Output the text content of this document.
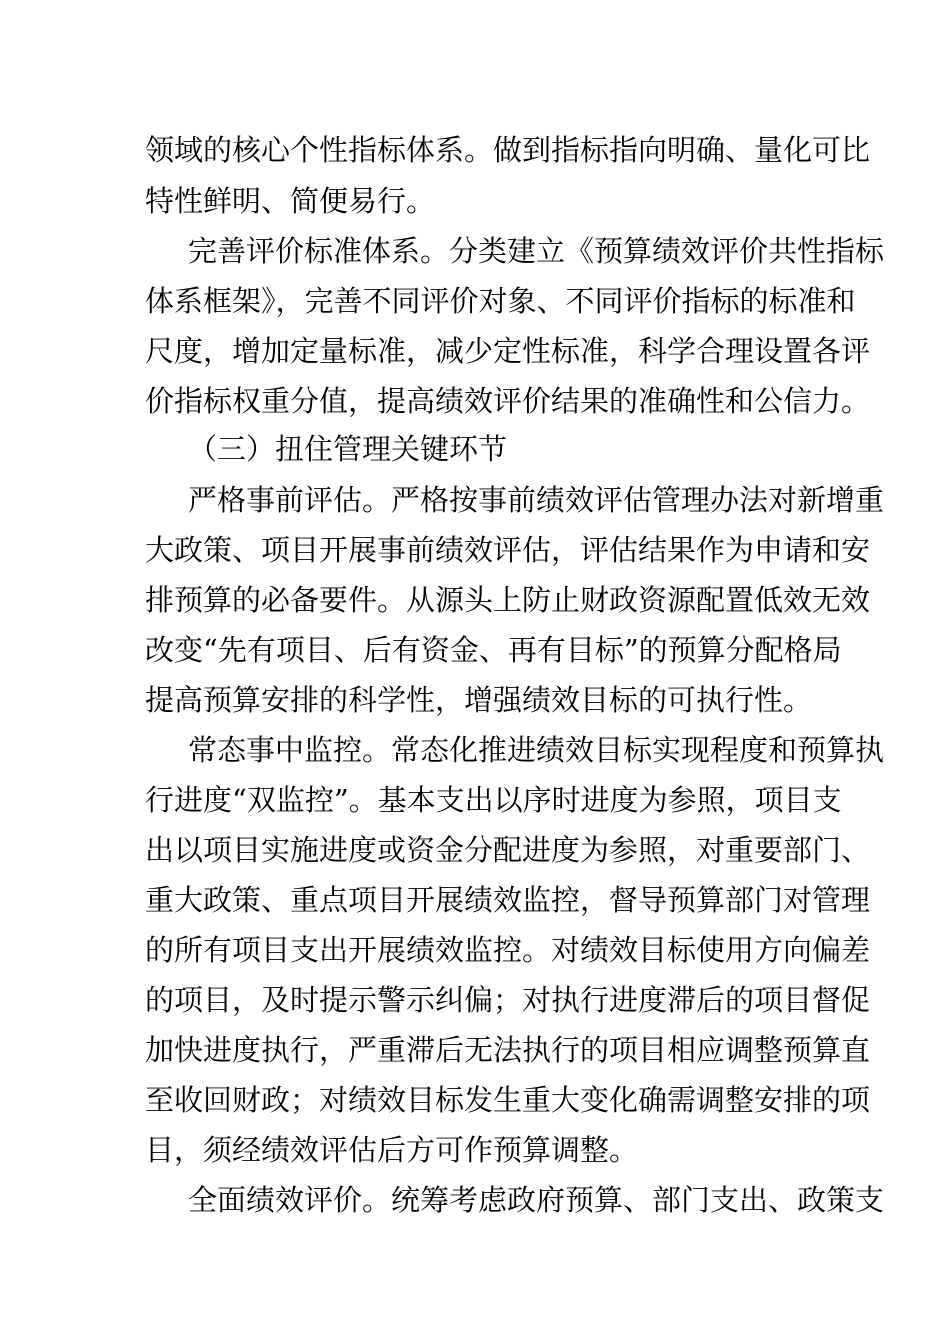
领域的核心个性指标体系。做到指标指向明确、量化可比
特性鲜明、简便易行。
完善评价标准体系。分类建立《预算绩效评价共性指标
体系框架》，完善不同评价对象、不同评价指标的标准和
尺度，增加定量标准，减少定性标准，科学合理设置各评
价指标权重分值，提高绩效评价结果的准确性和公信力。
（三）扭住管理关键环节
严格事前评估。严格按事前绩效评估管理办法对新增重
大政策、项目开展事前绩效评估，评估结果作为申请和安
排预算的必备要件。从源头上防止财政资源配置低效无效
改变“先有项目、后有资金、再有目标”的预算分配格局
提高预算安排的科学性，增强绩效目标的可执行性。
常态事中监控。常态化推进绩效目标实现程度和预算执
行进度“双监控”。基本支出以序时进度为参照，项目支
出以项目实施进度或资金分配进度为参照，对重要部门、
重大政策、重点项目开展绩效监控，督导预算部门对管理
的所有项目支出开展绩效监控。对绩效目标使用方向偏差
的项目，及时提示警示纠偏；对执行进度滞后的项目督促
加快进度执行，严重滞后无法执行的项目相应调整预算直
至收回财政；对绩效目标发生重大变化确需调整安排的项
目，须经绩效评估后方可作预算调整。
全面绩效评价。统筹考虑政府预算、部门支出、政策支
